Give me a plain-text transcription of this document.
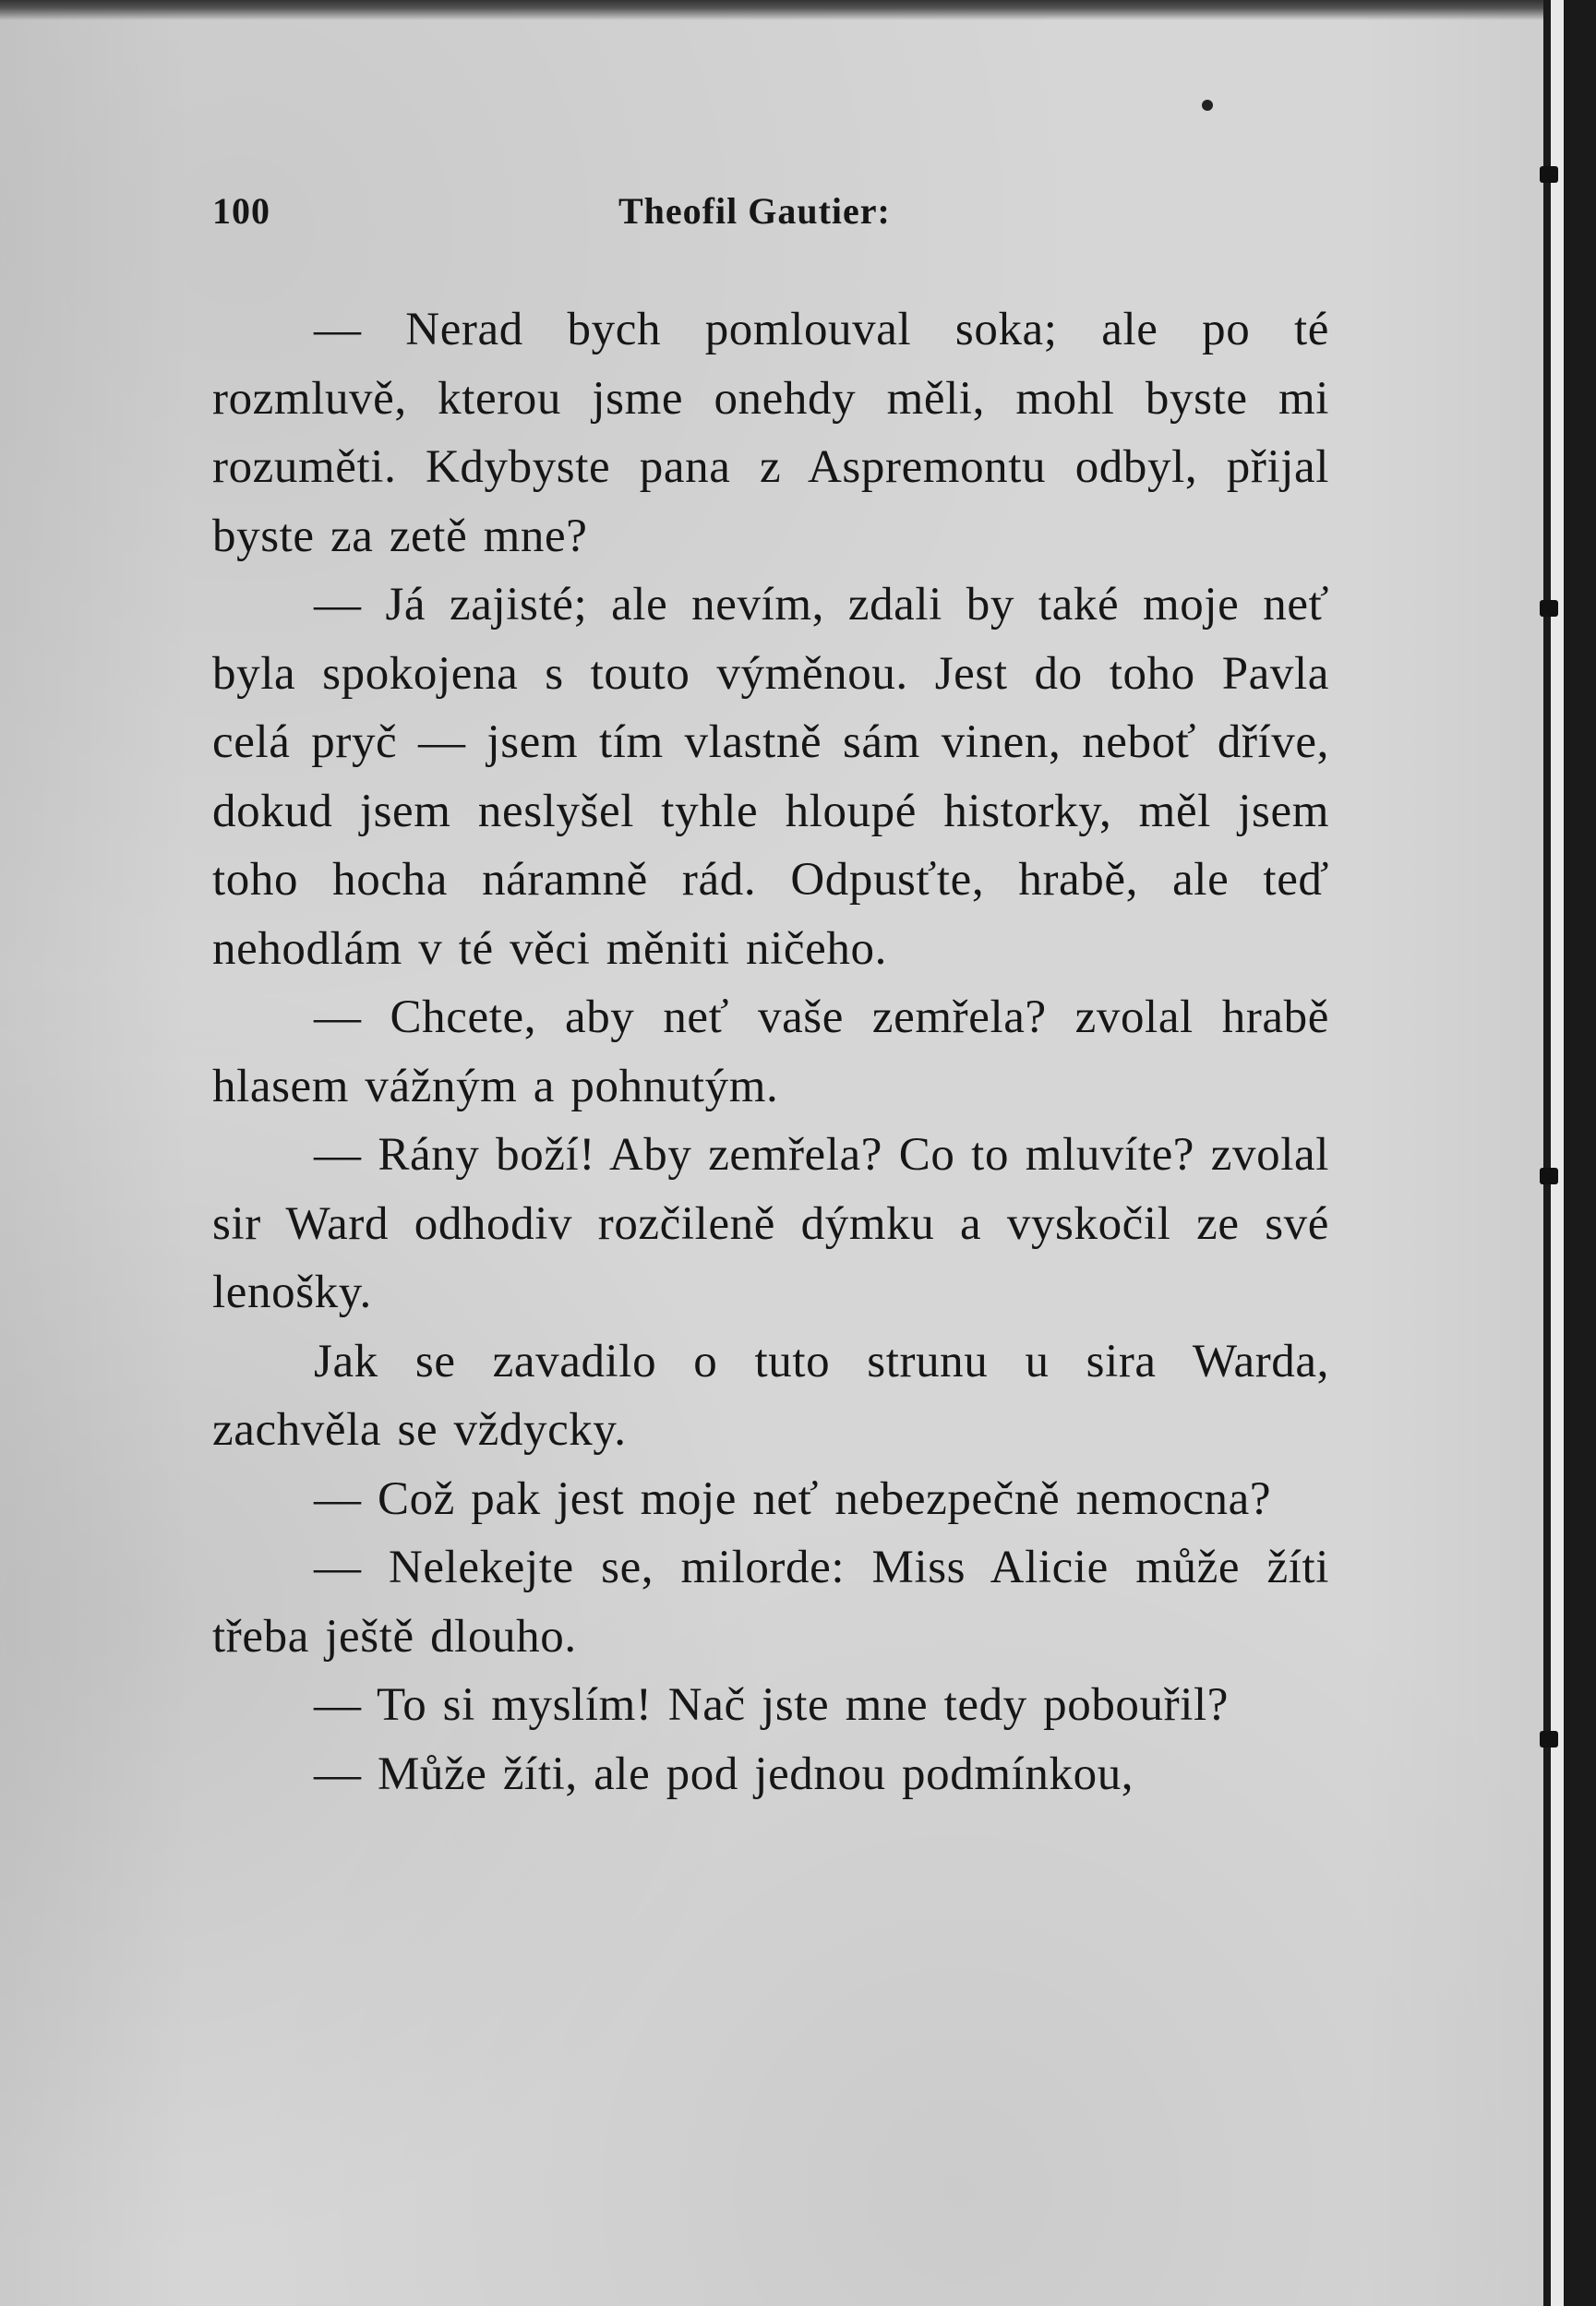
100	Theofil Gautier:

— Nerad bych pomlouval soka; ale po té rozmluvě, kterou jsme onehdy měli, mohl byste mi rozuměti. Kdybyste pana z Aspremontu odbyl, přijal byste za zetě mne?

— Já zajisté; ale nevím, zdali by také moje neť byla spokojena s touto výměnou. Jest do toho Pavla celá pryč — jsem tím vlastně sám vinen, neboť dříve, dokud jsem neslyšel tyhle hloupé historky, měl jsem toho hocha náramně rád. Odpusťte, hrabě, ale teď nehodlám v té věci měniti ničeho.

— Chcete, aby neť vaše zemřela? zvolal hrabě hlasem vážným a pohnutým.

— Rány boží! Aby zemřela? Co to mluvíte? zvolal sir Ward odhodiv rozčileně dýmku a vyskočil ze své lenošky.

Jak se zavadilo o tuto strunu u sira Warda, zachvěla se vždycky.

— Což pak jest moje neť nebezpečně nemocna?

— Nelekejte se, milorde: Miss Alicie může žíti třeba ještě dlouho.

— To si myslím! Nač jste mne tedy pobouřil?

— Může žíti, ale pod jednou podmínkou,
